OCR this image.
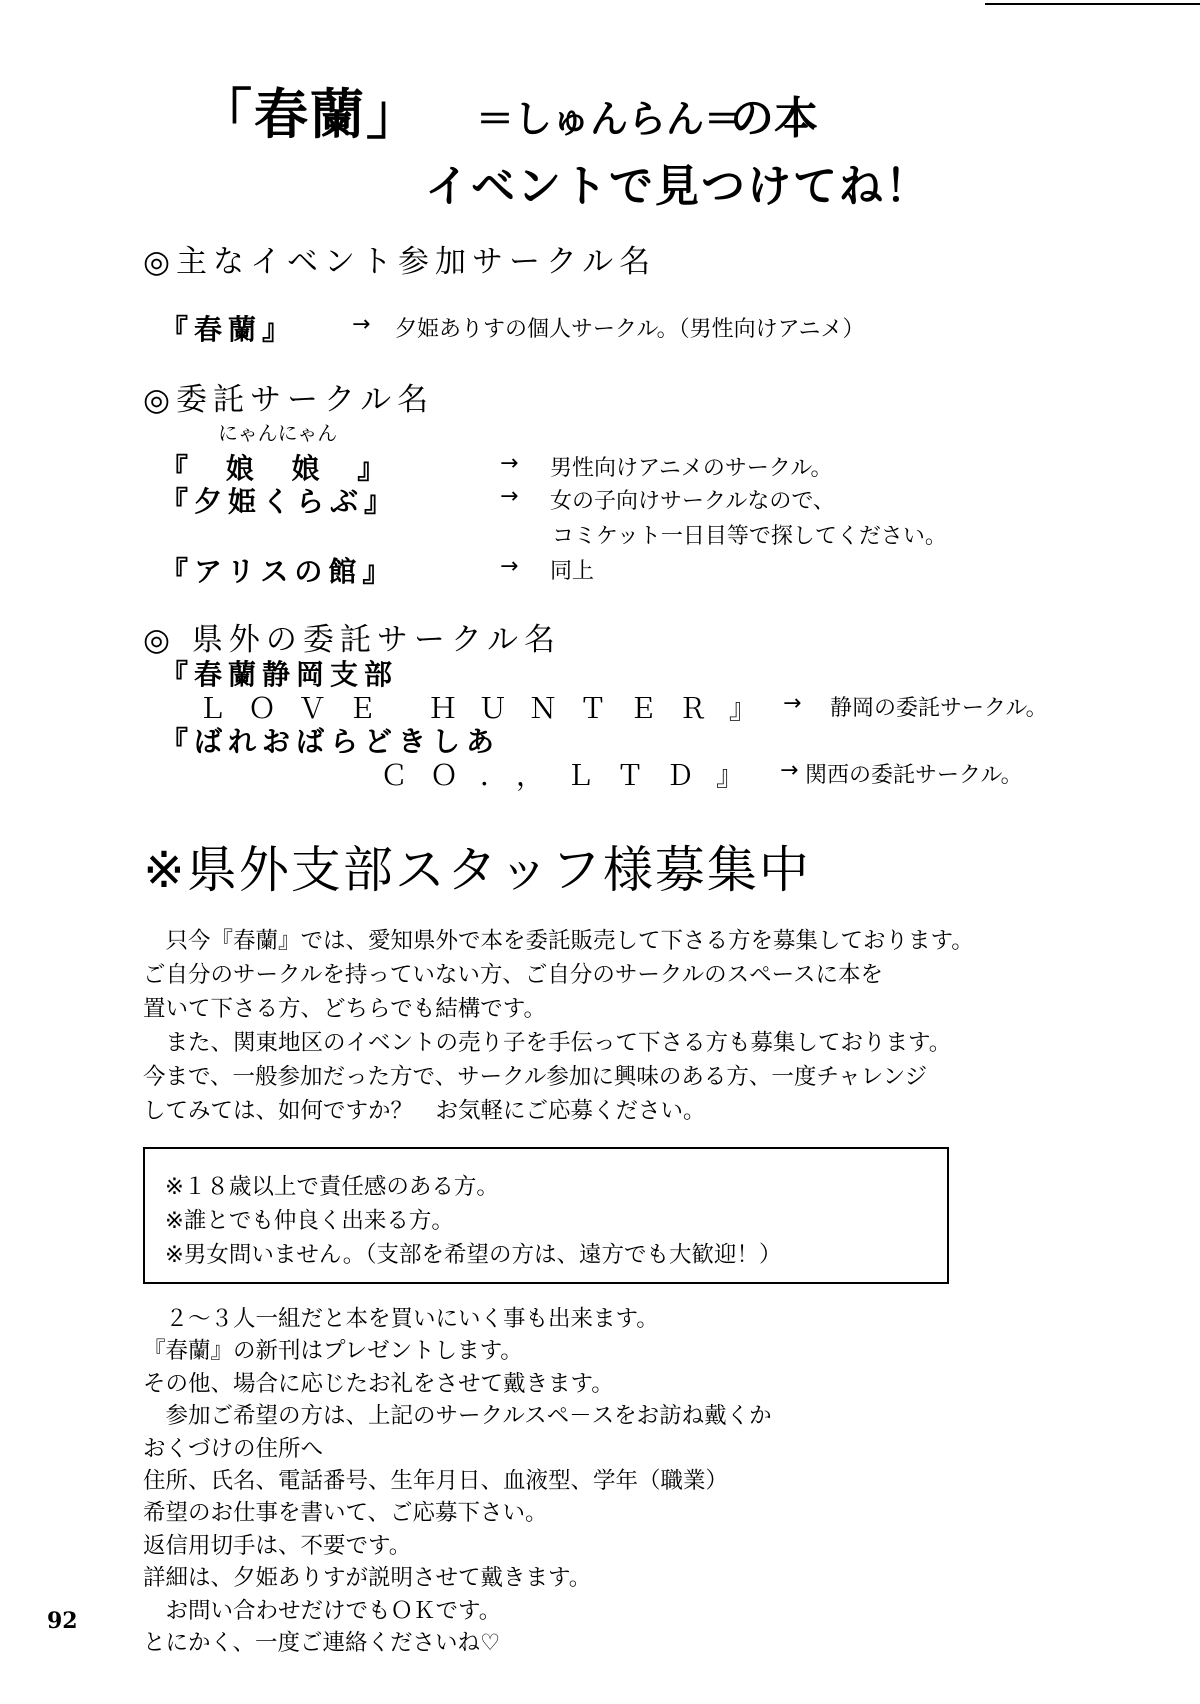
「春蘭」 ＝しゅんらん＝
の本
イベントで見つけてね！
◎主なイベント参加サークル名
『春蘭』	→ 夕姫ありすの個人サークル。（男性向けアニメ）
◎委託サークル名
にゃんにゃん
『 娘 娘 』	→ 男性向けアニメのサークル。
『夕姫くらぶ』	→ 女の子向けサークルなので、
コミケット一日目等で探してください。
『アリスの館』	→ 同上
◎ 県外の委託サークル名
『春蘭静岡支部
ＬＯＶＥ ＨＵＮＴＥＲ』 → 静岡の委託サークル。
『ばれおばらどきしあ
ＣＯ．，ＬＴＤ』 → 関西の委託サークル。
※県外支部スタッフ様募集中
　只今『春蘭』では、愛知県外で本を委託販売して下さる方を募集しております。
ご自分のサークルを持っていない方、ご自分のサークルのスペースに本を
置いて下さる方、どちらでも結構です。
　また、関東地区のイベントの売り子を手伝って下さる方も募集しております。
今まで、一般参加だった方で、サークル参加に興味のある方、一度チャレンジ
してみては、如何ですか？　お気軽にご応募ください。
※１８歳以上で責任感のある方。
※誰とでも仲良く出来る方。
※男女問いません。（支部を希望の方は、遠方でも大歓迎！）
　２～３人一組だと本を買いにいく事も出来ます。
『春蘭』の新刊はプレゼントします。
その他、場合に応じたお礼をさせて戴きます。
　参加ご希望の方は、上記のサークルスペ－スをお訪ね戴くか
おくづけの住所へ
住所、氏名、電話番号、生年月日、血液型、学年（職業）
希望のお仕事を書いて、ご応募下さい。
返信用切手は、不要です。
詳細は、夕姫ありすが説明させて戴きます。
　お問い合わせだけでもＯＫです。
とにかく、一度ご連絡くださいね♡
92
